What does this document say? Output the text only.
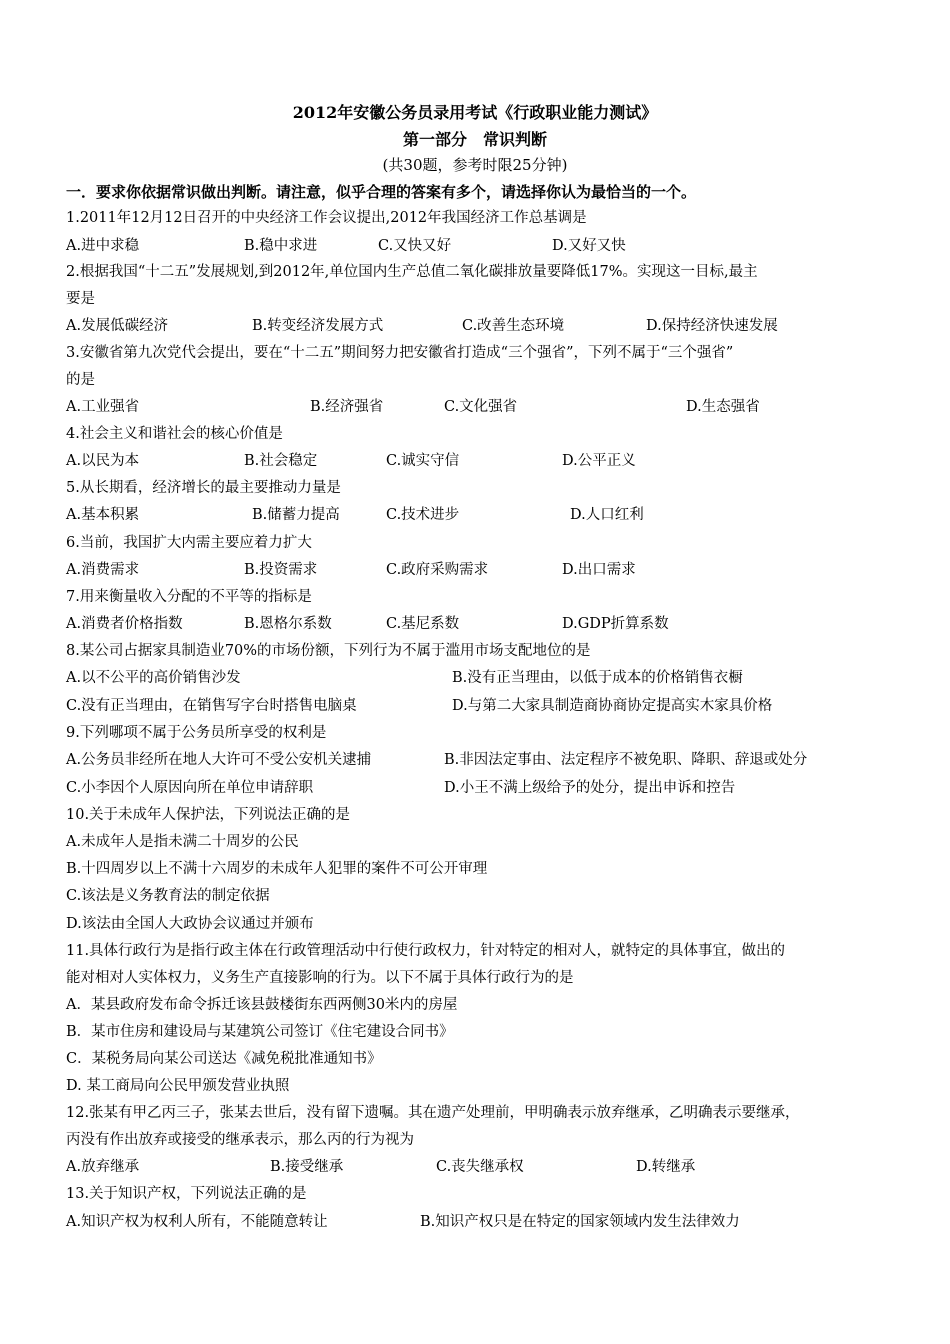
2012年安徽公务员录用考试《行政职业能力测试》
第一部分　常识判断
(共30题，参考时限25分钟)
一．要求你依据常识做出判断。请注意，似乎合理的答案有多个，请选择你认为最恰当的一个。
1.2011年12月12日召开的中央经济工作会议提出,2012年我国经济工作总基调是
A.进中求稳	B.稳中求进	C.又快又好	D.又好又快
2.根据我国“十二五”发展规划,到2012年,单位国内生产总值二氧化碳排放量要降低17%。实现这一目标,最主
要是
A.发展低碳经济	B.转变经济发展方式	C.改善生态环境	D.保持经济快速发展
3.安徽省第九次党代会提出，要在“十二五”期间努力把安徽省打造成“三个强省”，下列不属于“三个强省”
的是
A.工业强省	B.经济强省	C.文化强省	D.生态强省
4.社会主义和谐社会的核心价值是
A.以民为本	B.社会稳定	C.诚实守信	D.公平正义
5.从长期看，经济增长的最主要推动力量是
A.基本积累	B.储蓄力提高	C.技术进步	D.人口红利
6.当前，我国扩大内需主要应着力扩大
A.消费需求	B.投资需求	C.政府采购需求	D.出口需求
7.用来衡量收入分配的不平等的指标是
A.消费者价格指数	B.恩格尔系数	C.基尼系数	D.GDP折算系数
8.某公司占据家具制造业70%的市场份额，下列行为不属于滥用市场支配地位的是
A.以不公平的高价销售沙发	B.没有正当理由，以低于成本的价格销售衣橱
C.没有正当理由，在销售写字台时搭售电脑桌	D.与第二大家具制造商协商协定提高实木家具价格
9.下列哪项不属于公务员所享受的权利是
A.公务员非经所在地人大许可不受公安机关逮捕	B.非因法定事由、法定程序不被免职、降职、辞退或处分
C.小李因个人原因向所在单位申请辞职	D.小王不满上级给予的处分，提出申诉和控告
10.关于未成年人保护法，下列说法正确的是
A.未成年人是指未满二十周岁的公民
B.十四周岁以上不满十六周岁的未成年人犯罪的案件不可公开审理
C.该法是义务教育法的制定依据
D.该法由全国人大政协会议通过并颁布
11.具体行政行为是指行政主体在行政管理活动中行使行政权力，针对特定的相对人，就特定的具体事宜，做出的
能对相对人实体权力，义务生产直接影响的行为。以下不属于具体行政行为的是
A．某县政府发布命令拆迁该县鼓楼街东西两侧30米内的房屋
B．某市住房和建设局与某建筑公司签订《住宅建设合同书》
C．某税务局向某公司送达《减免税批准通知书》
D. 某工商局向公民甲颁发营业执照
12.张某有甲乙丙三子，张某去世后，没有留下遗嘱。其在遗产处理前，甲明确表示放弃继承，乙明确表示要继承，
丙没有作出放弃或接受的继承表示，那么丙的行为视为
A.放弃继承	B.接受继承	C.丧失继承权	D.转继承
13.关于知识产权，下列说法正确的是
A.知识产权为权利人所有，不能随意转让	B.知识产权只是在特定的国家领域内发生法律效力
